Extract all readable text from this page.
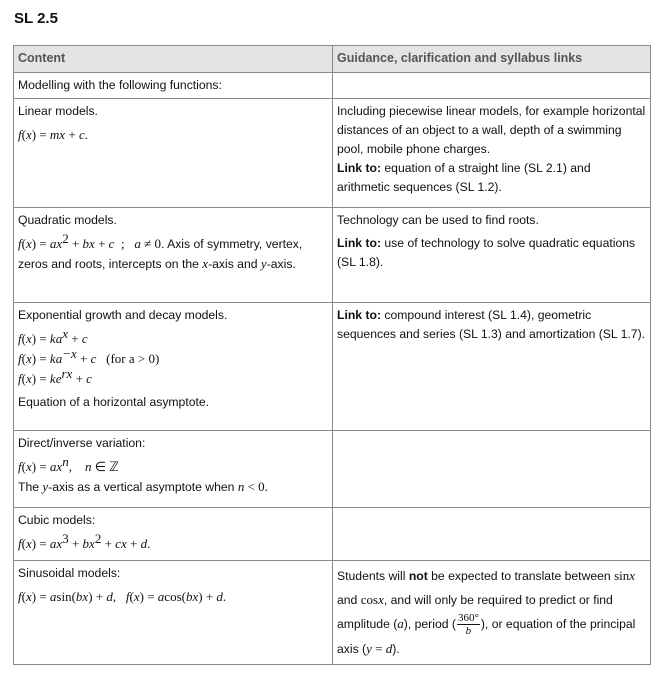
SL 2.5
Content	Guidance, clarification and syllabus links
Modelling with the following functions:	

Linear models.
f(x) = mx + c.	Including piecewise linear models, for example horizontal distances of an object to a wall, depth of a swimming pool, mobile phone charges.
Link to: equation of a straight line (SL 2.1) and arithmetic sequences (SL 1.2).

Quadratic models.
$f(x) = ax^2$ + bx + c  ;   a ≠ 0. Axis of symmetry, vertex, zeros and roots, intercepts on the x-axis and y-axis.	Technology can be used to find roots.
Link to: use of technology to solve quadratic equations (SL 1.8).

Exponential growth and decay models.
$f(x) = ka^x + c$
$f(x) = ka^{-x} + c$ (for a > 0)
$f(x) = ke^{rx} + c$
Equation of a horizontal asymptote.	Link to: compound interest (SL 1.4), geometric sequences and series (SL 1.3) and amortization (SL 1.7).

Direct/inverse variation:
$f(x) = ax^n$,    n ∈ ℤ
The y-axis as a vertical asymptote when n < 0.	

Cubic models:
$f(x) = ax^3 + bx^2$ + cx + d.	

Sinusoidal models:
f(x) = asin(bx) + d,   f(x) = acos(bx) + d.	Students will not be expected to translate between sinx and cosx, and will only be required to predict or find amplitude (a), period ( $\frac{360^\circ}{b}$ ), or equation of the principal axis (y = d).
